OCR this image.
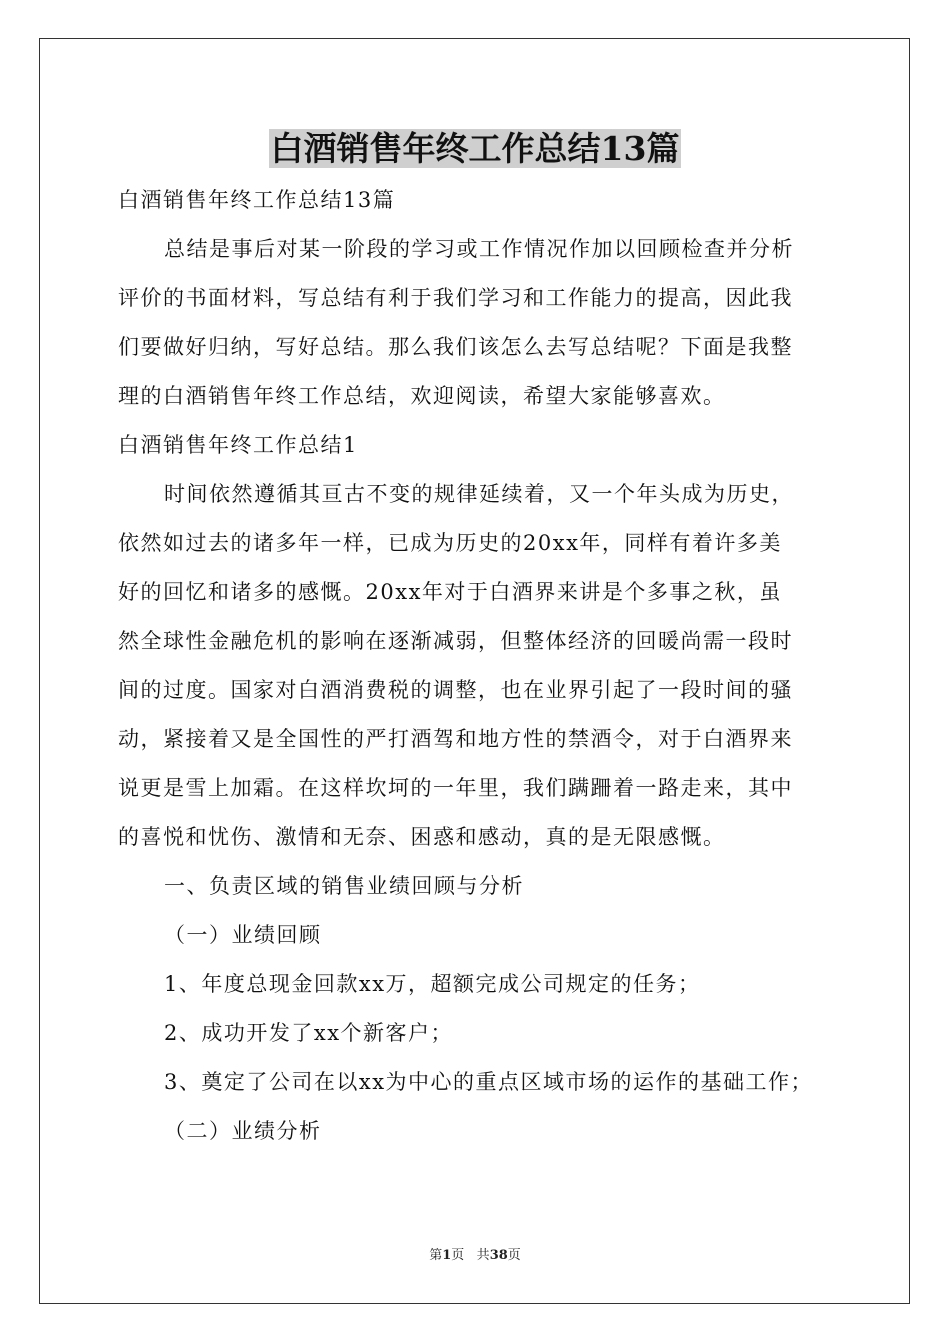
白酒销售年终工作总结13篇
白酒销售年终工作总结13篇
总结是事后对某一阶段的学习或工作情况作加以回顾检查并分析
评价的书面材料，写总结有利于我们学习和工作能力的提高，因此我
们要做好归纳，写好总结。那么我们该怎么去写总结呢？下面是我整
理的白酒销售年终工作总结，欢迎阅读，希望大家能够喜欢。
白酒销售年终工作总结1
时间依然遵循其亘古不变的规律延续着，又一个年头成为历史，
依然如过去的诸多年一样，已成为历史的20xx年，同样有着许多美
好的回忆和诸多的感慨。20xx年对于白酒界来讲是个多事之秋，虽
然全球性金融危机的影响在逐渐减弱，但整体经济的回暖尚需一段时
间的过度。国家对白酒消费税的调整，也在业界引起了一段时间的骚
动，紧接着又是全国性的严打酒驾和地方性的禁酒令，对于白酒界来
说更是雪上加霜。在这样坎坷的一年里，我们蹒跚着一路走来，其中
的喜悦和忧伤、激情和无奈、困惑和感动，真的是无限感慨。
一、负责区域的销售业绩回顾与分析
（一）业绩回顾
1、年度总现金回款xx万，超额完成公司规定的任务；
2、成功开发了xx个新客户；
3、奠定了公司在以xx为中心的重点区域市场的运作的基础工作；
（二）业绩分析
第1页 共38页
